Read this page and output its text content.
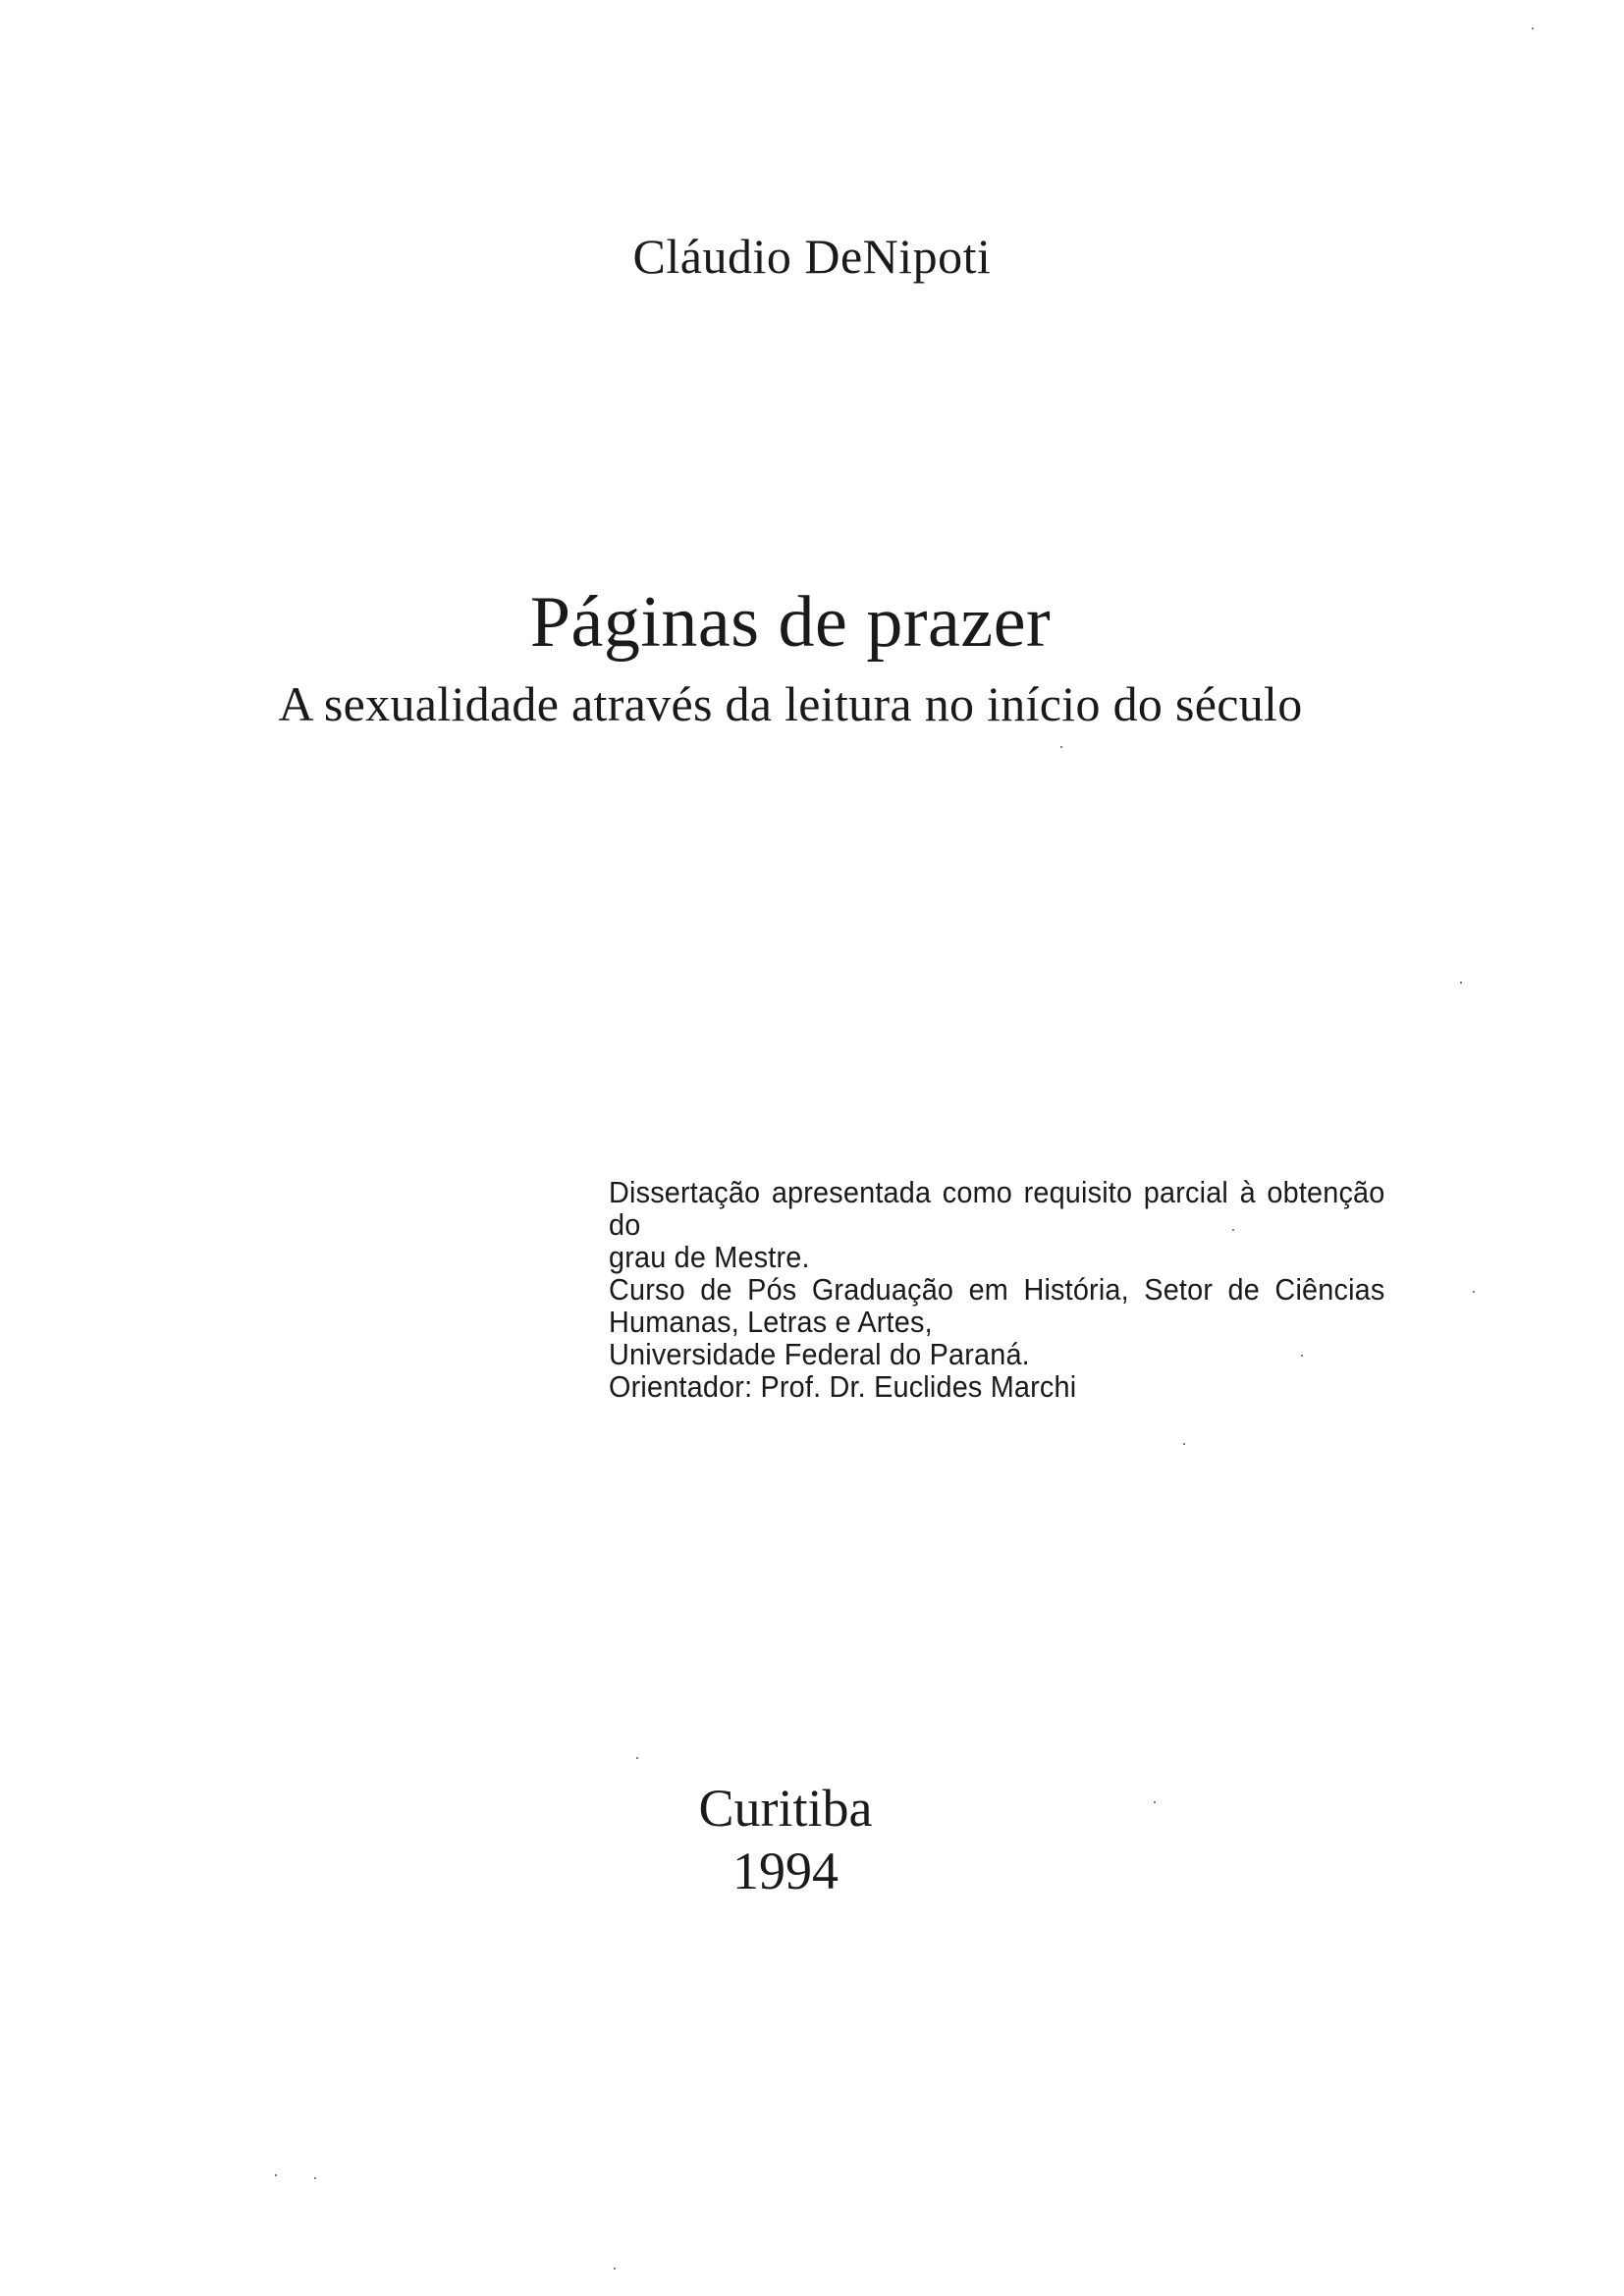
Cláudio DeNipoti
Páginas de prazer
A sexualidade através da leitura no início do século
Dissertação apresentada como requisito parcial à obtenção do
grau de Mestre.
Curso de Pós Graduação em História, Setor de Ciências
Humanas, Letras e Artes,
Universidade Federal do Paraná.
Orientador: Prof. Dr. Euclides Marchi
Curitiba
1994
